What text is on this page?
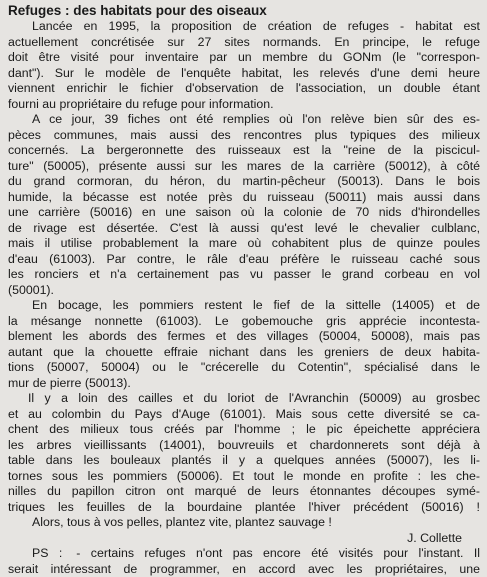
Refuges : des habitats pour des oiseaux
Lancée en 1995, la proposition de création de refuges - habitat est
actuellement concrétisée sur 27 sites normands. En principe, le refuge
doit être visité pour inventaire par un membre du GONm (le "correspon-
dant"). Sur le modèle de l'enquête habitat, les relevés d'une demi heure
viennent enrichir le fichier d'observation de l'association, un double étant
fourni au propriétaire du refuge pour information.
A ce jour, 39 fiches ont été remplies où l'on relève bien sûr des es-
pèces communes, mais aussi des rencontres plus typiques des milieux
concernés. La bergeronnette des ruisseaux est la "reine de la piscicul-
ture" (50005), présente aussi sur les mares de la carrière (50012), à côté
du grand cormoran, du héron, du martin-pêcheur (50013). Dans le bois
humide, la bécasse est notée près du ruisseau (50011) mais aussi dans
une carrière (50016) en une saison où la colonie de 70 nids d'hirondelles
de rivage est désertée. C'est là aussi qu'est levé le chevalier culblanc,
mais il utilise probablement la mare où cohabitent plus de quinze poules
d'eau (61003). Par contre, le râle d'eau préfère le ruisseau caché sous
les ronciers et n'a certainement pas vu passer le grand corbeau en vol
(50001).
En bocage, les pommiers restent le fief de la sittelle (14005) et de
la mésange nonnette (61003). Le gobemouche gris apprécie incontesta-
blement les abords des fermes et des villages (50004, 50008), mais pas
autant que la chouette effraie nichant dans les greniers de deux habita-
tions (50007, 50004) ou le "crécerelle du Cotentin", spécialisé dans le
mur de pierre (50013).
Il y a loin des cailles et du loriot de l'Avranchin (50009) au grosbec
et au colombin du Pays d'Auge (61001). Mais sous cette diversité se ca-
chent des milieux tous créés par l'homme ; le pic épeichette appréciera
les arbres vieillissants (14001), bouvreuils et chardonnerets sont déjà à
table dans les bouleaux plantés il y a quelques années (50007), les li-
tornes sous les pommiers (50006). Et tout le monde en profite : les che-
nilles du papillon citron ont marqué de leurs étonnantes découpes symé-
triques les feuilles de la bourdaine plantée l'hiver précédent (50016) !
Alors, tous à vos pelles, plantez vite, plantez sauvage !
J. Collette
PS : - certains refuges n'ont pas encore été visités pour l'instant. Il
serait intéressant de programmer, en accord avec les propriétaires, une
